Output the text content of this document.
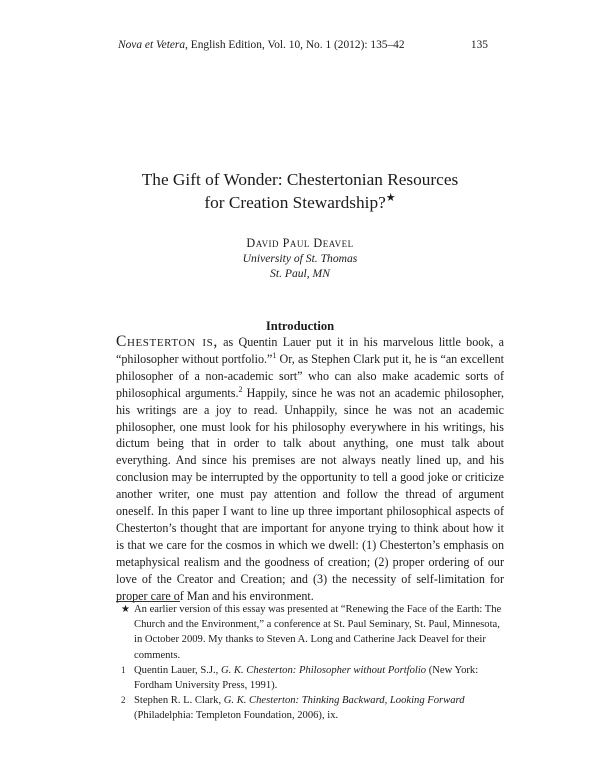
Nova et Vetera, English Edition, Vol. 10, No. 1 (2012): 135–42	135
The Gift of Wonder: Chestertonian Resources
for Creation Stewardship?★
David Paul Deavel
University of St. Thomas
St. Paul, MN
Introduction

Chesterton is, as Quentin Lauer put it in his marvelous little book, a “philosopher without portfolio.”$^1$ Or, as Stephen Clark put it, he is “an excellent philosopher of a non-academic sort” who can also make academic sorts of philosophical arguments.$^2$ Happily, since he was not an academic philosopher, his writings are a joy to read. Unhappily, since he was not an academic philosopher, one must look for his philosophy everywhere in his writings, his dictum being that in order to talk about anything, one must talk about everything. And since his premises are not always neatly lined up, and his conclusion may be interrupted by the opportunity to tell a good joke or criticize another writer, one must pay attention and follow the thread of argument oneself. In this paper I want to line up three important philosophical aspects of Chesterton’s thought that are important for anyone trying to think about how it is that we care for the cosmos in which we dwell: (1) Chesterton’s emphasis on metaphysical realism and the goodness of creation; (2) proper ordering of our love of the Creator and Creation; and (3) the necessity of self-limitation for proper care of Man and his environment.

★ An earlier version of this essay was presented at “Renewing the Face of the Earth: The Church and the Environment,” a conference at St. Paul Seminary, St. Paul, Minnesota, in October 2009. My thanks to Steven A. Long and Catherine Jack Deavel for their comments.

1 Quentin Lauer, S.J., G. K. Chesterton: Philosopher without Portfolio (New York: Fordham University Press, 1991).

2 Stephen R. L. Clark, G. K. Chesterton: Thinking Backward, Looking Forward (Philadelphia: Templeton Foundation, 2006), ix.
